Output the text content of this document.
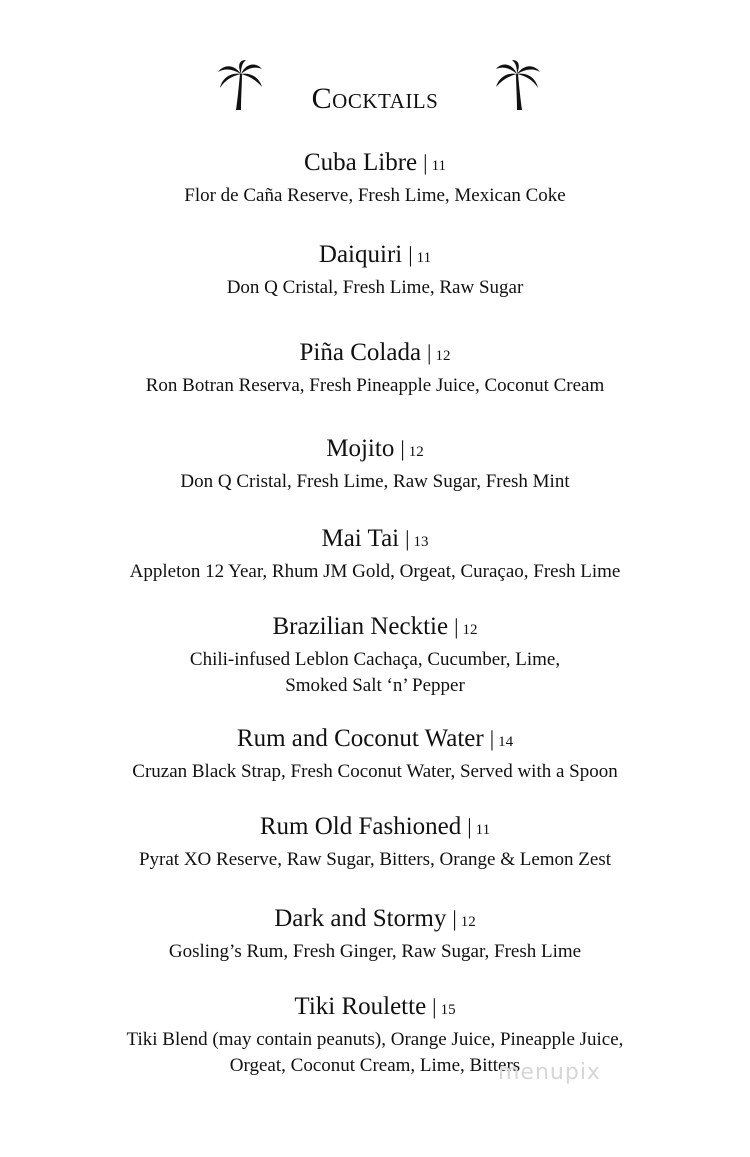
Cocktails
Cuba Libre | 11
Flor de Caña Reserve, Fresh Lime, Mexican Coke
Daiquiri | 11
Don Q Cristal, Fresh Lime, Raw Sugar
Piña Colada | 12
Ron Botran Reserva, Fresh Pineapple Juice, Coconut Cream
Mojito | 12
Don Q Cristal, Fresh Lime, Raw Sugar, Fresh Mint
Mai Tai | 13
Appleton 12 Year, Rhum JM Gold, Orgeat, Curaçao, Fresh Lime
Brazilian Necktie | 12
Chili-infused Leblon Cachaça, Cucumber, Lime,
Smoked Salt ‘n’ Pepper
Rum and Coconut Water | 14
Cruzan Black Strap, Fresh Coconut Water, Served with a Spoon
Rum Old Fashioned | 11
Pyrat XO Reserve, Raw Sugar, Bitters, Orange & Lemon Zest
Dark and Stormy | 12
Gosling’s Rum, Fresh Ginger, Raw Sugar, Fresh Lime
Tiki Roulette | 15
Tiki Blend (may contain peanuts), Orange Juice, Pineapple Juice,
Orgeat, Coconut Cream, Lime, Bitters
menupix
